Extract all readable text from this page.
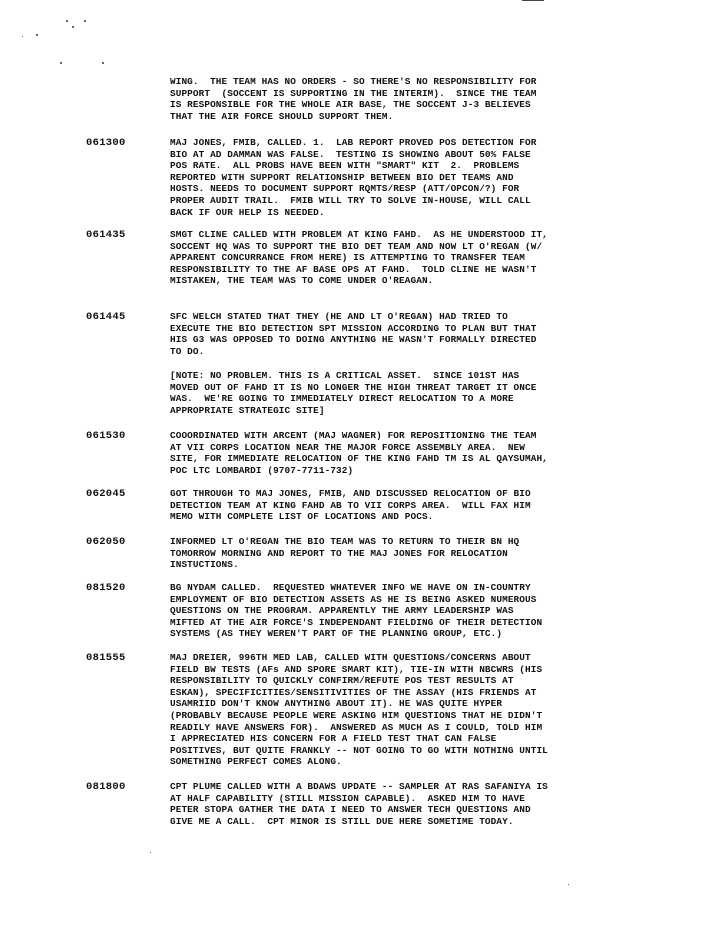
WING.  THE TEAM HAS NO ORDERS - SO THERE'S NO RESPONSIBILITY FOR
SUPPORT  (SOCCENT IS SUPPORTING IN THE INTERIM).  SINCE THE TEAM
IS RESPONSIBLE FOR THE WHOLE AIR BASE, THE SOCCENT J-3 BELIEVES
THAT THE AIR FORCE SHOULD SUPPORT THEM.
061300	MAJ JONES, FMIB, CALLED. 1.  LAB REPORT PROVED POS DETECTION FOR
BIO AT AD DAMMAN WAS FALSE.  TESTING IS SHOWING ABOUT 50% FALSE
POS RATE.  ALL PROBS HAVE BEEN WITH "SMART" KIT  2.  PROBLEMS
REPORTED WITH SUPPORT RELATIONSHIP BETWEEN BIO DET TEAMS AND
HOSTS. NEEDS TO DOCUMENT SUPPORT RQMTS/RESP (ATT/OPCON/?) FOR
PROPER AUDIT TRAIL.  FMIB WILL TRY TO SOLVE IN-HOUSE, WILL CALL
BACK IF OUR HELP IS NEEDED.
061435	SMGT CLINE CALLED WITH PROBLEM AT KING FAHD.  AS HE UNDERSTOOD IT,
SOCCENT HQ WAS TO SUPPORT THE BIO DET TEAM AND NOW LT O'REGAN (W/
APPARENT CONCURRANCE FROM HERE) IS ATTEMPTING TO TRANSFER TEAM
RESPONSIBILITY TO THE AF BASE OPS AT FAHD.  TOLD CLINE HE WASN'T
MISTAKEN, THE TEAM WAS TO COME UNDER O'REAGAN.
061445	SFC WELCH STATED THAT THEY (HE AND LT O'REGAN) HAD TRIED TO
EXECUTE THE BIO DETECTION SPT MISSION ACCORDING TO PLAN BUT THAT
HIS G3 WAS OPPOSED TO DOING ANYTHING HE WASN'T FORMALLY DIRECTED
TO DO.
[NOTE: NO PROBLEM. THIS IS A CRITICAL ASSET.  SINCE 101ST HAS
MOVED OUT OF FAHD IT IS NO LONGER THE HIGH THREAT TARGET IT ONCE
WAS.  WE'RE GOING TO IMMEDIATELY DIRECT RELOCATION TO A MORE
APPROPRIATE STRATEGIC SITE]
061530	COOORDINATED WITH ARCENT (MAJ WAGNER) FOR REPOSITIONING THE TEAM
AT VII CORPS LOCATION NEAR THE MAJOR FORCE ASSEMBLY AREA.  NEW
SITE, FOR IMMEDIATE RELOCATION OF THE KING FAHD TM IS AL QAYSUMAH,
POC LTC LOMBARDI (9707-7711-732)
062045	GOT THROUGH TO MAJ JONES, FMIB, AND DISCUSSED RELOCATION OF BIO
DETECTION TEAM AT KING FAHD AB TO VII CORPS AREA.  WILL FAX HIM
MEMO WITH COMPLETE LIST OF LOCATIONS AND POCS.
062050	INFORMED LT O'REGAN THE BIO TEAM WAS TO RETURN TO THEIR BN HQ
TOMORROW MORNING AND REPORT TO THE MAJ JONES FOR RELOCATION
INSTUCTIONS.
081520	BG NYDAM CALLED.  REQUESTED WHATEVER INFO WE HAVE ON IN-COUNTRY
EMPLOYMENT OF BIO DETECTION ASSETS AS HE IS BEING ASKED NUMEROUS
QUESTIONS ON THE PROGRAM. APPARENTLY THE ARMY LEADERSHIP WAS
MIFTED AT THE AIR FORCE'S INDEPENDANT FIELDING OF THEIR DETECTION
SYSTEMS (AS THEY WEREN'T PART OF THE PLANNING GROUP, ETC.)
081555	MAJ DREIER, 996TH MED LAB, CALLED WITH QUESTIONS/CONCERNS ABOUT
FIELD BW TESTS (AFs AND SPORE SMART KIT), TIE-IN WITH NBCWRS (HIS
RESPONSIBILITY TO QUICKLY CONFIRM/REFUTE POS TEST RESULTS AT
ESKAN), SPECIFICITIES/SENSITIVITIES OF THE ASSAY (HIS FRIENDS AT
USAMRIID DON'T KNOW ANYTHING ABOUT IT). HE WAS QUITE HYPER
(PROBABLY BECAUSE PEOPLE WERE ASKING HIM QUESTIONS THAT HE DIDN'T
READILY HAVE ANSWERS FOR).  ANSWERED AS MUCH AS I COULD, TOLD HIM
I APPRECIATED HIS CONCERN FOR A FIELD TEST THAT CAN FALSE
POSITIVES, BUT QUITE FRANKLY -- NOT GOING TO GO WITH NOTHING UNTIL
SOMETHING PERFECT COMES ALONG.
081800	CPT PLUME CALLED WITH A BDAWS UPDATE -- SAMPLER AT RAS SAFANIYA IS
AT HALF CAPABILITY (STILL MISSION CAPABLE).  ASKED HIM TO HAVE
PETER STOPA GATHER THE DATA I NEED TO ANSWER TECH QUESTIONS AND
GIVE ME A CALL.  CPT MINOR IS STILL DUE HERE SOMETIME TODAY.
